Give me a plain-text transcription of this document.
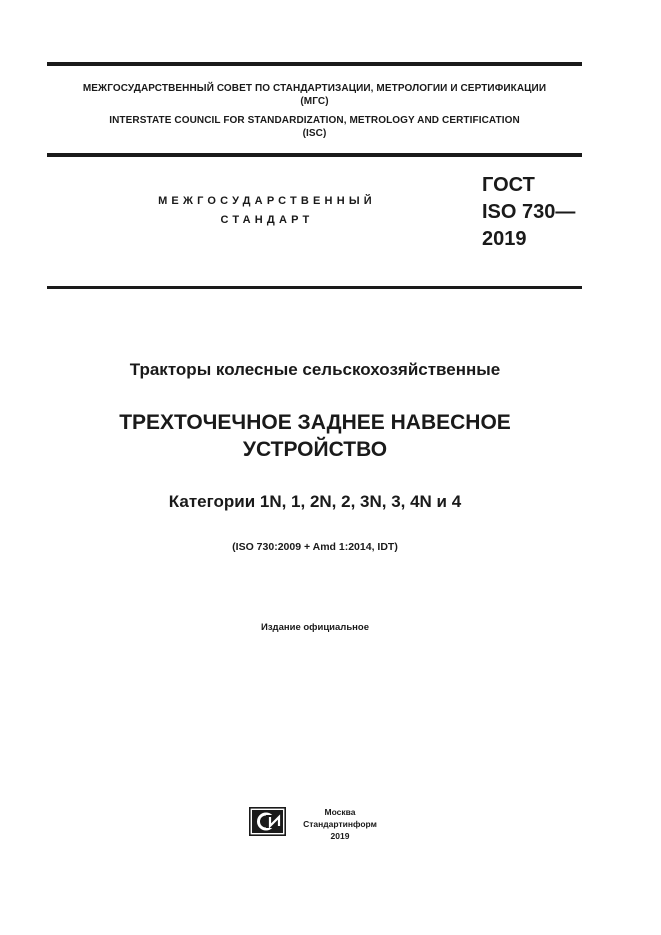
МЕЖГОСУДАРСТВЕННЫЙ СОВЕТ ПО СТАНДАРТИЗАЦИИ, МЕТРОЛОГИИ И СЕРТИФИКАЦИИ
(МГС)
INTERSTATE COUNCIL FOR STANDARDIZATION, METROLOGY AND CERTIFICATION
(ISC)
МЕЖГОСУДАРСТВЕННЫЙ
СТАНДАРТ
ГОСТ
ISO 730—
2019
Тракторы колесные сельскохозяйственные
ТРЕХТОЧЕЧНОЕ ЗАДНЕЕ НАВЕСНОЕ
УСТРОЙСТВО
Категории 1N, 1, 2N, 2, 3N, 3, 4N и 4
(ISO 730:2009 + Amd 1:2014, IDT)
Издание официальное
Москва
Стандартинформ
2019
